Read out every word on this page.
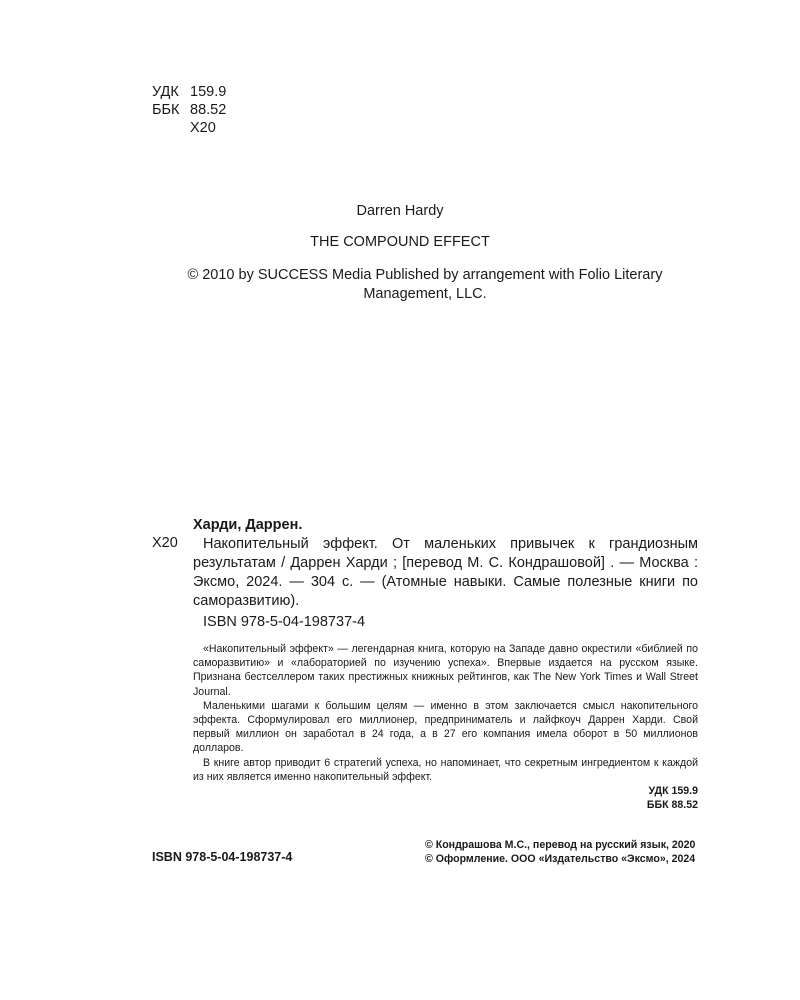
УДК 159.9
ББК 88.52
Х20
Darren Hardy
THE COMPOUND EFFECT
© 2010 by SUCCESS Media Published by arrangement with Folio Literary Management, LLC.
Х20
Харди, Даррен.
Накопительный эффект. От маленьких привычек к грандиозным результатам / Даррен Харди ; [перевод М. С. Кондрашовой] . — Москва : Эксмо, 2024. — 304 с. — (Атомные навыки. Самые полезные книги по саморазвитию).
ISBN 978-5-04-198737-4

«Накопительный эффект» — легендарная книга, которую на Западе давно окрестили «библией по саморазвитию» и «лабораторией по изучению успеха». Впервые издается на русском языке. Признана бестселлером таких престижных книжных рейтингов, как The New York Times и Wall Street Journal.

Маленькими шагами к большим целям — именно в этом заключается смысл накопительного эффекта. Сформулировал его миллионер, предприниматель и лайфкоуч Даррен Харди. Свой первый миллион он заработал в 24 года, а в 27 его компания имела оборот в 50 миллионов долларов.

В книге автор приводит 6 стратегий успеха, но напоминает, что секретным ингредиентом к каждой из них является именно накопительный эффект.

УДК 159.9
ББК 88.52
ISBN 978-5-04-198737-4
© Кондрашова М.С., перевод на русский язык, 2020
© Оформление. ООО «Издательство «Эксмо», 2024
